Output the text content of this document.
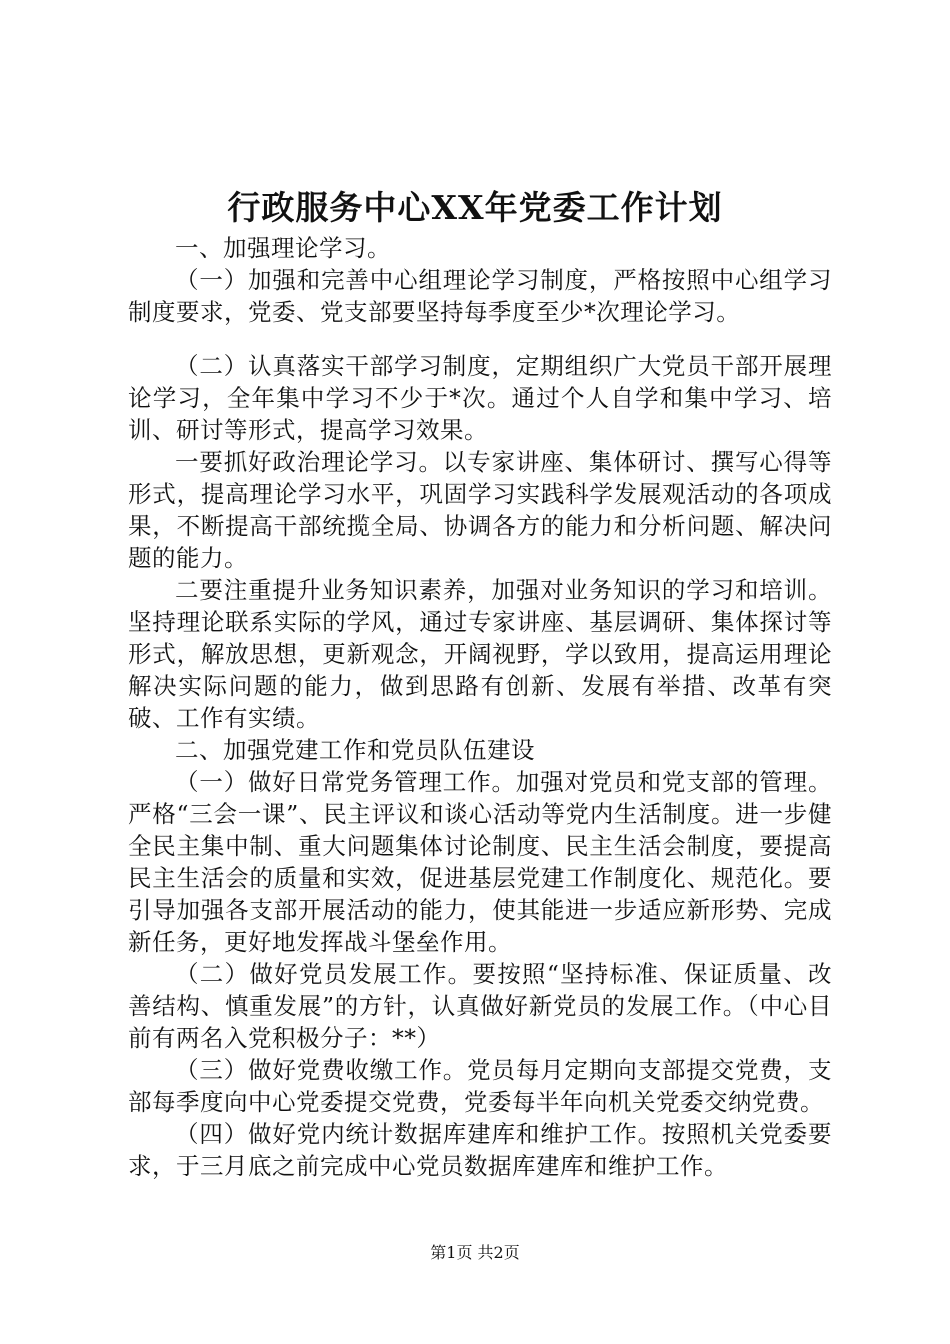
行政服务中心XX年党委工作计划

一、加强理论学习。

（一）加强和完善中心组理论学习制度，严格按照中心组学习制度要求，党委、党支部要坚持每季度至少*次理论学习。

（二）认真落实干部学习制度，定期组织广大党员干部开展理论学习，全年集中学习不少于*次。通过个人自学和集中学习、培训、研讨等形式，提高学习效果。

一要抓好政治理论学习。以专家讲座、集体研讨、撰写心得等形式，提高理论学习水平，巩固学习实践科学发展观活动的各项成果，不断提高干部统揽全局、协调各方的能力和分析问题、解决问题的能力。

二要注重提升业务知识素养，加强对业务知识的学习和培训。坚持理论联系实际的学风，通过专家讲座、基层调研、集体探讨等形式，解放思想，更新观念，开阔视野，学以致用，提高运用理论解决实际问题的能力，做到思路有创新、发展有举措、改革有突破、工作有实绩。

二、加强党建工作和党员队伍建设

（一）做好日常党务管理工作。加强对党员和党支部的管理。严格“三会一课”、民主评议和谈心活动等党内生活制度。进一步健全民主集中制、重大问题集体讨论制度、民主生活会制度，要提高民主生活会的质量和实效，促进基层党建工作制度化、规范化。要引导加强各支部开展活动的能力，使其能进一步适应新形势、完成新任务，更好地发挥战斗堡垒作用。

（二）做好党员发展工作。要按照“坚持标准、保证质量、改善结构、慎重发展”的方针，认真做好新党员的发展工作。（中心目前有两名入党积极分子：**）

（三）做好党费收缴工作。党员每月定期向支部提交党费，支部每季度向中心党委提交党费，党委每半年向机关党委交纳党费。

（四）做好党内统计数据库建库和维护工作。按照机关党委要求，于三月底之前完成中心党员数据库建库和维护工作。

第1页 共2页
